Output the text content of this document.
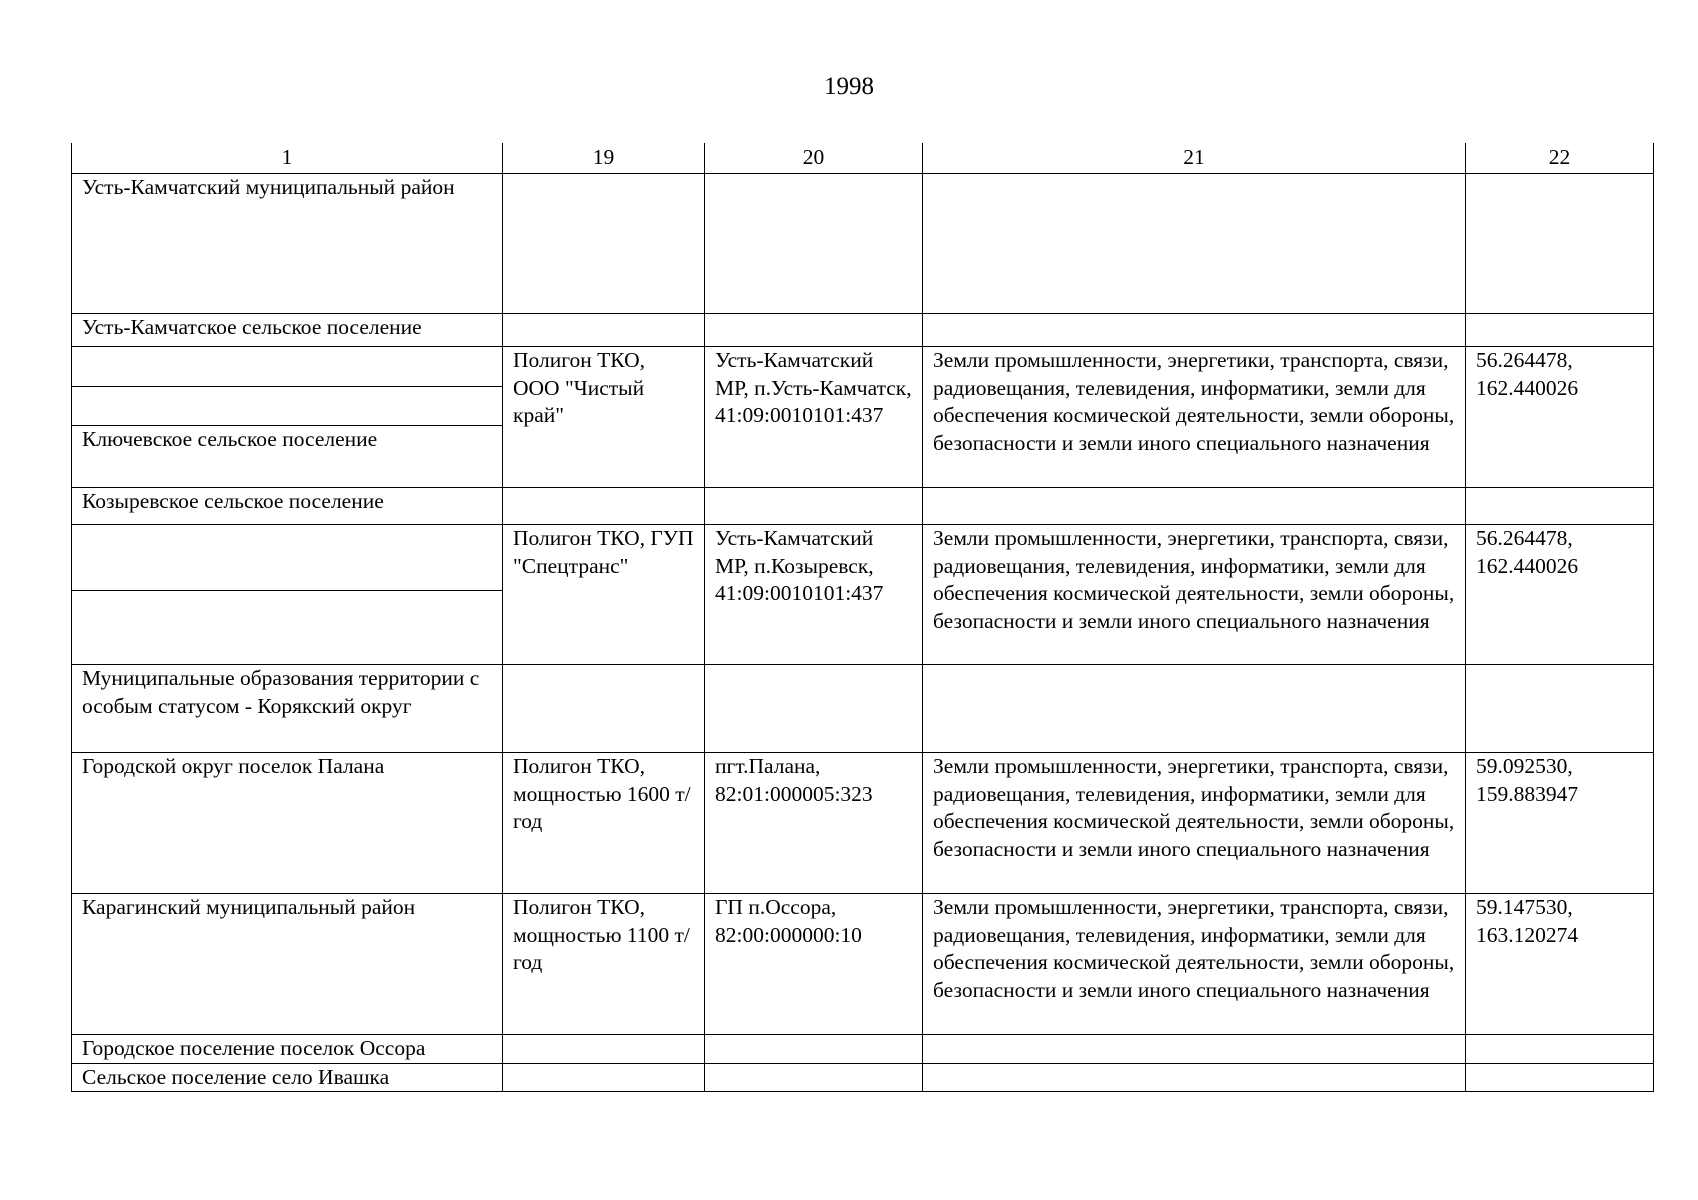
1998
1	19	20	21	22
Усть-Камчатский муниципальный район				
Усть-Камчатское сельское поселение				
	Полигон ТКО, ООО "Чистый край"	Усть-Камчатский МР, п.Усть-Камчатск, 41:09:0010101:437	Земли промышленности, энергетики, транспорта, связи, радиовещания, телевидения, информатики, земли для обеспечения космической деятельности, земли обороны, безопасности и земли иного специального назначения	56.264478, 162.440026

Ключевское сельское поселение				
Козыревское сельское поселение				
	Полигон ТКО, ГУП "Спецтранс"	Усть-Камчатский МР, п.Козыревск, 41:09:0010101:437	Земли промышленности, энергетики, транспорта, связи, радиовещания, телевидения, информатики, земли для обеспечения космической деятельности, земли обороны, безопасности и земли иного специального назначения	56.264478, 162.440026

Муниципальные образования территории с особым статусом - Корякский округ				
Городской округ поселок Палана	Полигон ТКО, мощностью 1600 т/год	пгт.Палана, 82:01:000005:323	Земли промышленности, энергетики, транспорта, связи, радиовещания, телевидения, информатики, земли для обеспечения космической деятельности, земли обороны, безопасности и земли иного специального назначения	59.092530, 159.883947
Карагинский муниципальный район	Полигон ТКО, мощностью 1100 т/год	ГП п.Оссора, 82:00:000000:10	Земли промышленности, энергетики, транспорта, связи, радиовещания, телевидения, информатики, земли для обеспечения космической деятельности, земли обороны, безопасности и земли иного специального назначения	59.147530, 163.120274
Городское поселение поселок Оссора				
Сельское поселение село Ивашка				
